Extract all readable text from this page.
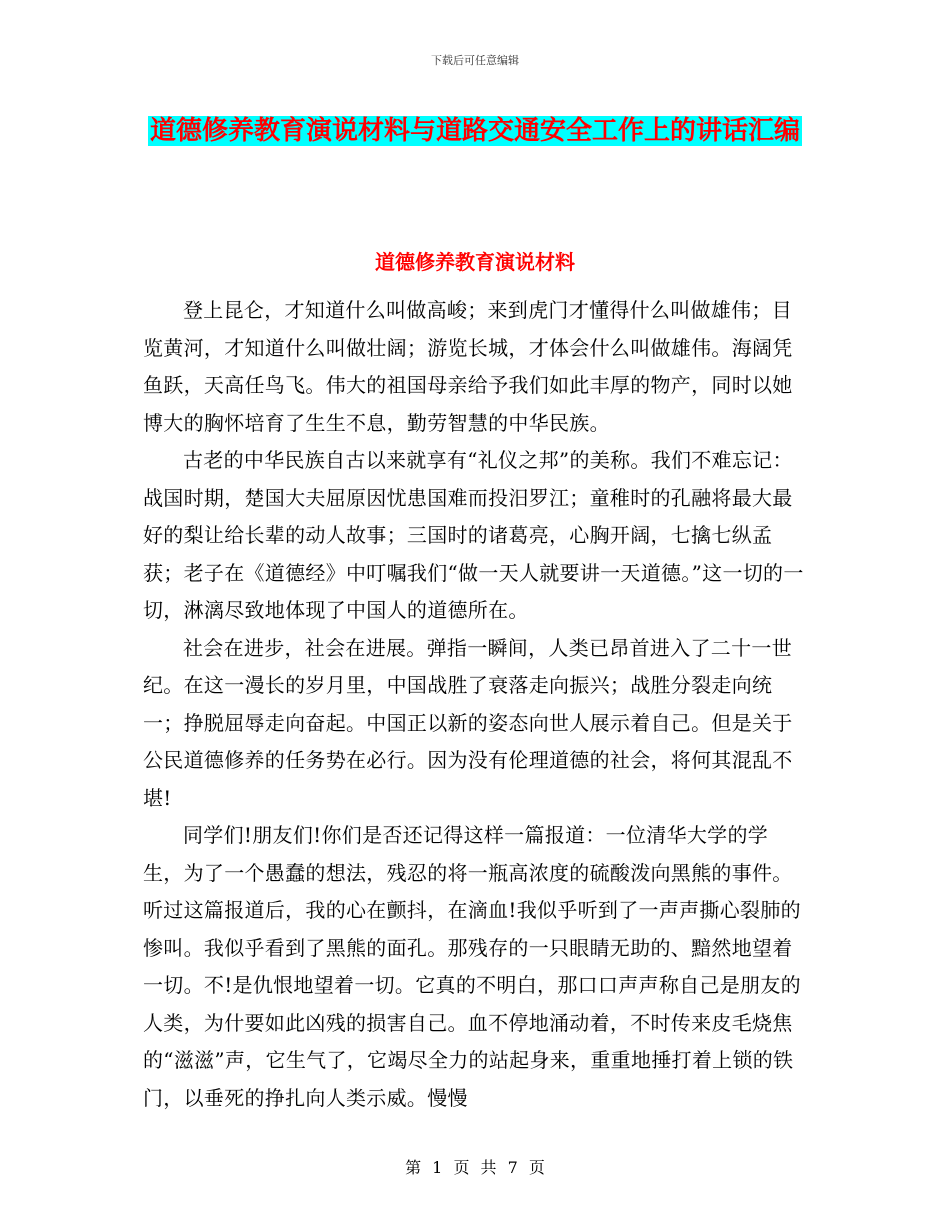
下载后可任意编辑
道德修养教育演说材料与道路交通安全工作上的讲话汇编
道德修养教育演说材料

登上昆仑，才知道什么叫做高峻；来到虎门才懂得什么叫做雄伟；目览黄河，才知道什么叫做壮阔；游览长城，才体会什么叫做雄伟。海阔凭鱼跃，天高任鸟飞。伟大的祖国母亲给予我们如此丰厚的物产，同时以她博大的胸怀培育了生生不息，勤劳智慧的中华民族。

古老的中华民族自古以来就享有“礼仪之邦”的美称。我们不难忘记：战国时期，楚国大夫屈原因忧患国难而投汨罗江；童稚时的孔融将最大最好的梨让给长辈的动人故事；三国时的诸葛亮，心胸开阔，七擒七纵孟获；老子在《道德经》中叮嘱我们“做一天人就要讲一天道德。”这一切的一切，淋漓尽致地体现了中国人的道德所在。

社会在进步，社会在进展。弹指一瞬间，人类已昂首进入了二十一世纪。在这一漫长的岁月里，中国战胜了衰落走向振兴；战胜分裂走向统一；挣脱屈辱走向奋起。中国正以新的姿态向世人展示着自己。但是关于公民道德修养的任务势在必行。因为没有伦理道德的社会，将何其混乱不堪!

同学们!朋友们!你们是否还记得这样一篇报道：一位清华大学的学生，为了一个愚蠢的想法，残忍的将一瓶高浓度的硫酸泼向黑熊的事件。听过这篇报道后，我的心在颤抖，在滴血!我似乎听到了一声声撕心裂肺的惨叫。我似乎看到了黑熊的面孔。那残存的一只眼睛无助的、黯然地望着一切。不!是仇恨地望着一切。它真的不明白，那口口声声称自己是朋友的人类，为什要如此凶残的损害自己。血不停地涌动着，不时传来皮毛烧焦的“滋滋”声，它生气了，它竭尽全力的站起身来，重重地捶打着上锁的铁门，以垂死的挣扎向人类示威。慢慢

第 1 页 共 7 页
